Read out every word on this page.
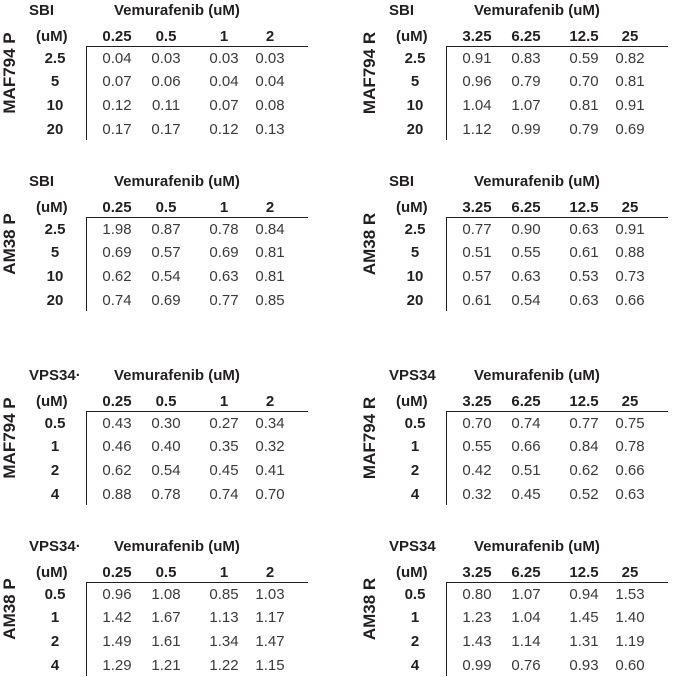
MAF794 P
SBI	Vemurafenib (uM)
(uM) 0.25 0.5	1	2
2.5 0.04 0.03 0.03 0.03
5	0.07 0.06 0.04 0.04
10	0.12 0.11 0.07 0.08
20	0.17 0.17 0.12 0.13
MAF794 R
SBI	Vemurafenib (uM)
(uM) 3.25 6.25 12.5 25
2.5 0.91 0.83 0.59 0.82
5	0.96 0.79 0.70 0.81
10	1.04 1.07 0.81 0.91
20	1.12 0.99 0.79 0.69
AM38 P
SBI	Vemurafenib (uM)
(uM) 0.25 0.5	1	2
2.5 1.98 0.87 0.78 0.84
5	0.69 0.57 0.69 0.81
10	0.62 0.54 0.63 0.81
20	0.74 0.69 0.77 0.85
AM38 R
SBI	Vemurafenib (uM)
(uM) 3.25 6.25 12.5 25
2.5 0.77 0.90 0.63 0.91
5	0.51 0.55 0.61 0.88
10	0.57 0.63 0.53 0.73
20	0.61 0.54 0.63 0.66
MAF794 P
VPS34· Vemurafenib (uM)
(uM) 0.25 0.5	1	2
0.5 0.43 0.30 0.27 0.34
1	0.46 0.40 0.35 0.32
2	0.62 0.54 0.45 0.41
4	0.88 0.78 0.74 0.70
MAF794 R
VPS34	Vemurafenib (uM)
(uM) 3.25 6.25 12.5 25
0.5 0.70 0.74 0.77 0.75
1	0.55 0.66 0.84 0.78
2	0.42 0.51 0.62 0.66
4	0.32 0.45 0.52 0.63
AM38 P
VPS34· Vemurafenib (uM)
(uM) 0.25 0.5	1	2
0.5 0.96 1.08 0.85 1.03
1	1.42 1.67 1.13 1.17
2	1.49 1.61 1.34 1.47
4	1.29 1.21 1.22 1.15
AM38 R
VPS34	Vemurafenib (uM)
(uM) 3.25 6.25 12.5 25
0.5 0.80 1.07 0.94 1.53
1	1.23 1.04 1.45 1.40
2	1.43 1.14 1.31 1.19
4	0.99 0.76 0.93 0.60
